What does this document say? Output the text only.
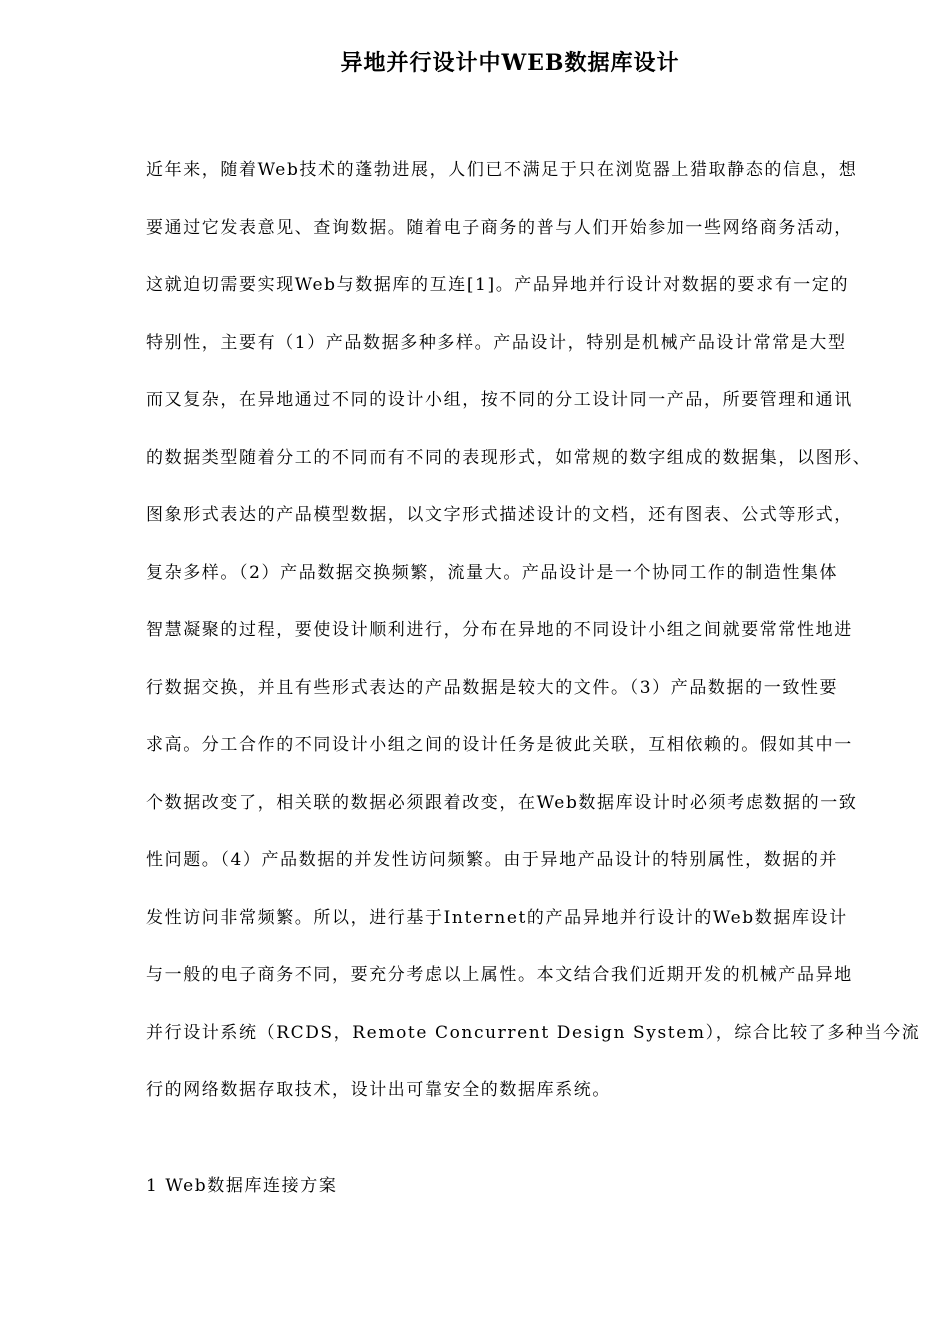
异地并行设计中WEB数据库设计
近年来，随着Web技术的蓬勃进展，人们已不满足于只在浏览器上猎取静态的信息，想
要通过它发表意见、查询数据。随着电子商务的普与人们开始参加一些网络商务活动，
这就迫切需要实现Web与数据库的互连[1]。产品异地并行设计对数据的要求有一定的
特别性，主要有（1）产品数据多种多样。产品设计，特别是机械产品设计常常是大型
而又复杂，在异地通过不同的设计小组，按不同的分工设计同一产品，所要管理和通讯
的数据类型随着分工的不同而有不同的表现形式，如常规的数字组成的数据集，以图形、
图象形式表达的产品模型数据，以文字形式描述设计的文档，还有图表、公式等形式，
复杂多样。（2）产品数据交换频繁，流量大。产品设计是一个协同工作的制造性集体
智慧凝聚的过程，要使设计顺利进行，分布在异地的不同设计小组之间就要常常性地进
行数据交换，并且有些形式表达的产品数据是较大的文件。（3）产品数据的一致性要
求高。分工合作的不同设计小组之间的设计任务是彼此关联，互相依赖的。假如其中一
个数据改变了，相关联的数据必须跟着改变，在Web数据库设计时必须考虑数据的一致
性问题。（4）产品数据的并发性访问频繁。由于异地产品设计的特别属性，数据的并
发性访问非常频繁。所以，进行基于Internet的产品异地并行设计的Web数据库设计
与一般的电子商务不同，要充分考虑以上属性。本文结合我们近期开发的机械产品异地
并行设计系统（RCDS，Remote Concurrent Design System），综合比较了多种当今流
行的网络数据存取技术，设计出可靠安全的数据库系统。
1 Web数据库连接方案
